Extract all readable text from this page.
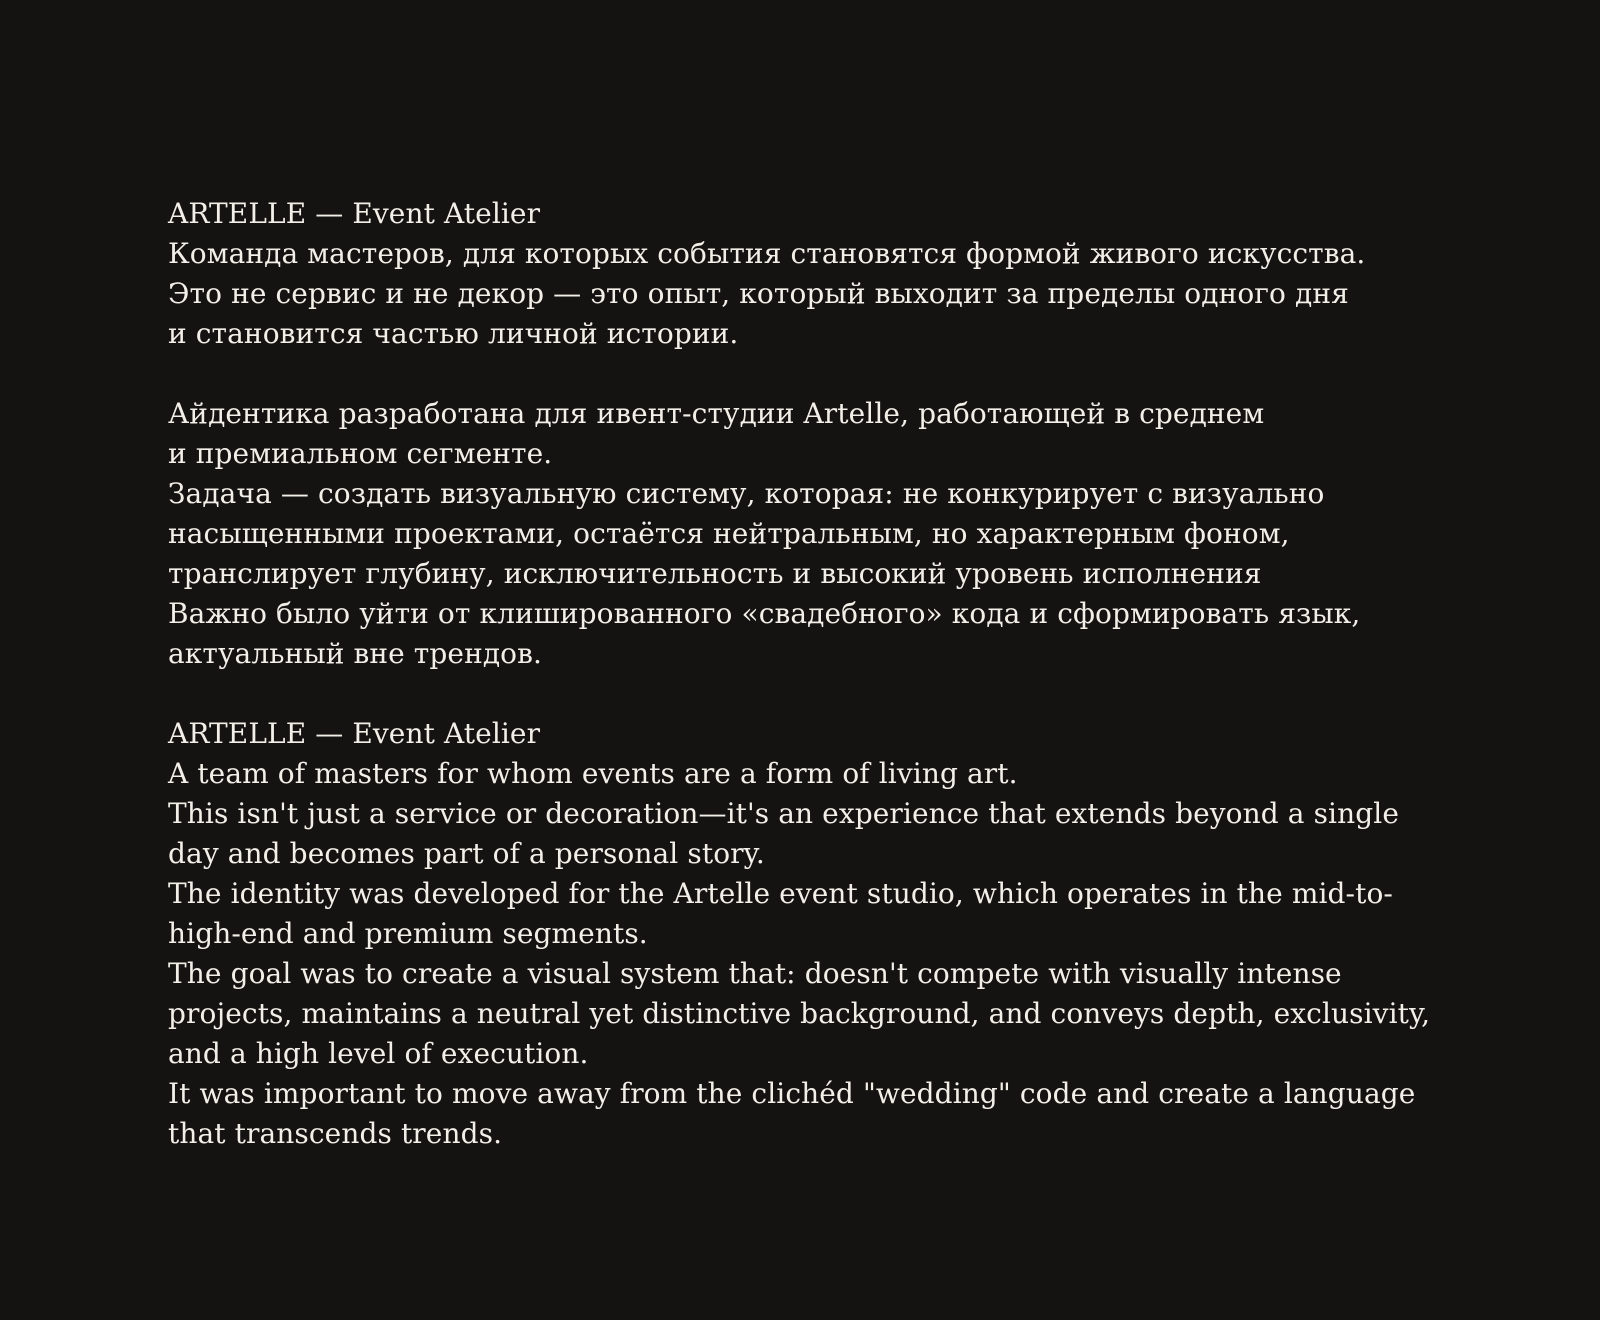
ARTELLE — Event Atelier
Команда мастеров, для которых события становятся формой живого искусства.
Это не сервис и не декор — это опыт, который выходит за пределы одного дня
и становится частью личной истории.
Айдентика разработана для ивент-студии Artelle, работающей в среднем
и премиальном сегменте.
Задача — создать визуальную систему, которая: не конкурирует с визуально
насыщенными проектами, остаётся нейтральным, но характерным фоном,
транслирует глубину, исключительность и высокий уровень исполнения
Важно было уйти от клишированного «свадебного» кода и сформировать язык,
актуальный вне трендов.
ARTELLE — Event Atelier
A team of masters for whom events are a form of living art.
This isn't just a service or decoration—it's an experience that extends beyond a single
day and becomes part of a personal story.
The identity was developed for the Artelle event studio, which operates in the mid-to-
high-end and premium segments.
The goal was to create a visual system that: doesn't compete with visually intense
projects, maintains a neutral yet distinctive background, and conveys depth, exclusivity,
and a high level of execution.
It was important to move away from the clichéd "wedding" code and create a language
that transcends trends.
